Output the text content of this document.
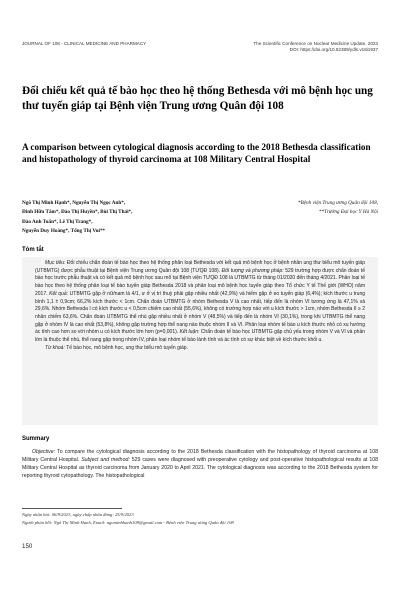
JOURNAL OF 108 - CLINICAL MEDICINE AND PHARMACY	The Scientific Conference on Nuclear Medicine Update, 2023
DOI: https://doi.org/10.52389/ydls.v18i1937
Đối chiếu kết quả tế bào học theo hệ thống Bethesda với mô bệnh học ung thư tuyến giáp tại Bệnh viện Trung ương Quân đội 108
A comparison between cytological diagnosis according to the 2018 Bethesda classification and histopathology of thyroid carcinoma at 108 Military Central Hospital
Ngô Thị Minh Hạnh*, Nguyễn Thị Ngọc Anh*,
Đinh Hữu Tâm*, Đào Thị Huyền*, Bùi Thị Thái*,
Đào Anh Tuấn*, Lê Thị Trang*,
Nguyễn Duy Hoàng*, Tống Thị Vui**
*Bệnh viện Trung ương Quân đội 108,
**Trường Đại học Y Hà Nội
Tóm tắt

Mục tiêu: Đối chiếu chẩn đoán tế bào học theo hệ thống phân loại Bethesda với kết quả mô bệnh học ở bệnh nhân ung thư biểu mô tuyến giáp (UTBMTG) được phẫu thuật tại Bệnh viện Trung ương Quân đội 108 (TƯQĐ 108). Đối tượng và phương pháp: 529 trường hợp được chẩn đoán tế bào học trước phẫu thuật và có kết quả mô bệnh học sau mổ tại Bệnh viện TƯQĐ 108 là UTBMTG từ tháng 01/2020 đến tháng 4/2021. Phân loại tế bào học theo hệ thống phân loại tế bào tuyến giáp Bethesda 2018 và phân loại mô bệnh học tuyến giáp theo Tổ chức Y tế Thế giới (WHO) năm 2017. Kết quả: UTBMTG gặp ở nữ/nam là 4/1, ư ở vị trí thuỳ phải gặp nhiều nhất (42,9%) và hiếm gặp ở eo tuyến giáp (6,4%); kích thước u trung bình 1,1 ± 0,9cm; 66,2% kích thước < 1cm. Chẩn đoán UTBMTG ở nhóm Bethesda V là cao nhất, tiếp đến là nhóm VI tương ứng là 47,1% và 29,6%. Nhóm Bethesda I có kích thước u < 0,5cm chiếm cao nhất (55,6%), không có trường hợp nào với u kích thước > 1cm, nhóm Bethesda II ≥ 2 nhân chiếm 63,6%. Chẩn đoán UTBMTG thể nhú gặp nhiều nhất ở nhóm V (48,5%) và tiếp đến là nhóm VI (30,1%), trong khi UTBMTG thể nang gặp ở nhóm IV là cao nhất (53,8%), không gặp trường hợp thể nang nào thuộc nhóm II và VI. Phân loại nhóm tế bào u kích thước nhỏ có xu hướng ác tính cao hơn so với nhóm u có kích thước lớn hơn (p=0,001). Kết luận: Chẩn đoán tế bào học UTBMTG gặp chủ yếu trong nhóm V và VI và phần lớn là thuộc thể nhú, thể nang gặp trong nhóm IV, phân loại nhóm tế bào lành tính và ác tính có sự khác biệt về kích thước khối u.

Từ khoá: Tế bào học, mô bệnh học, ung thư biểu mô tuyến giáp.

Summary
Objective: To compare the cytological diagnosis according to the 2018 Bethesda classification with the histopathology of thyroid carcinoma at 108 Military Central Hospital. Subject and method: 529 cases were diagnosed with preoperative cytology and post-operative histopathological results at 108 Military Central Hospital as thyroid carcinoma from January 2020 to April 2021. The cytological diagnosis was according to the 2018 Bethesda system for reporting thyroid cytopathology. The histopathological
Ngày nhận bài: 06/9/2023, ngày chấp nhận đăng: 25/9/2023
Người phản hồi: Ngô Thị Minh Hạnh, Email: ngominhhanh108@gmail.com - Bệnh viện Trung ương Quân đội 108
150
